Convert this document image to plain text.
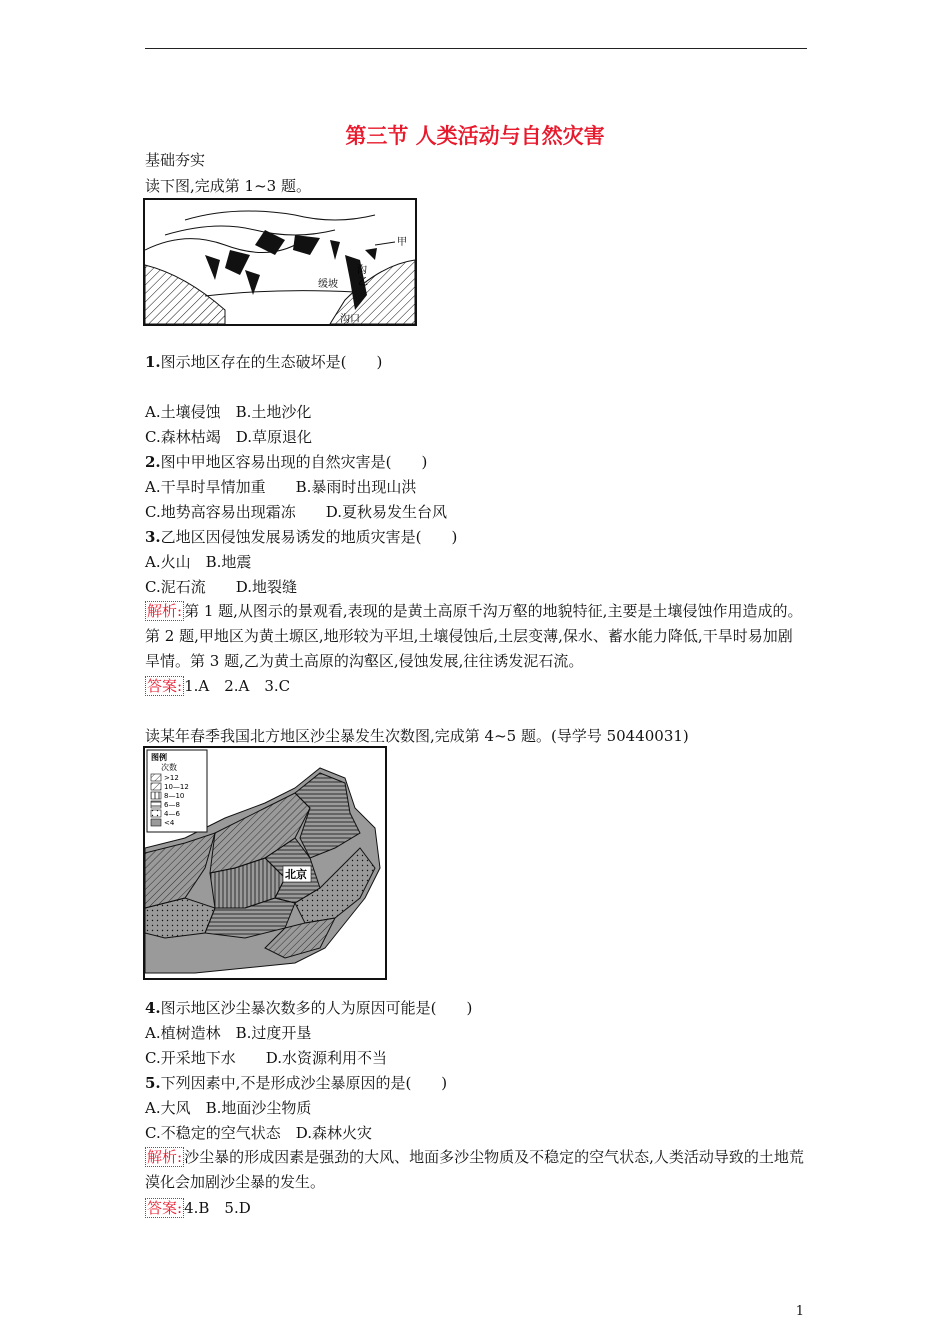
第三节 人类活动与自然灾害
基础夯实
读下图,完成第 1~3 题。
甲
沟
乙
缓坡
沟口
1.图示地区存在的生态破坏是(　　)
A.土壤侵蚀　B.土地沙化
C.森林枯竭　D.草原退化
2.图中甲地区容易出现的自然灾害是(　　)
A.干旱时旱情加重　　B.暴雨时出现山洪
C.地势高容易出现霜冻　　D.夏秋易发生台风
3.乙地区因侵蚀发展易诱发的地质灾害是(　　)
A.火山　B.地震
C.泥石流　　D.地裂缝
解析: 第 1 题,从图示的景观看,表现的是黄土高原千沟万壑的地貌特征,主要是土壤侵蚀作用造成的。第 2 题,甲地区为黄土塬区,地形较为平坦,土壤侵蚀后,土层变薄,保水、蓄水能力降低,干旱时易加剧旱情。第 3 题,乙为黄土高原的沟壑区,侵蚀发展,往往诱发泥石流。
答案: 1.A　2.A　3.C
读某年春季我国北方地区沙尘暴发生次数图,完成第 4~5 题。(导学号 50440031)
图例
次数
>12
10—12
8—10
6—8
4—6
<4
北京
4.图示地区沙尘暴次数多的人为原因可能是(　　)
A.植树造林　B.过度开垦
C.开采地下水　　D.水资源利用不当
5.下列因素中,不是形成沙尘暴原因的是(　　)
A.大风　B.地面沙尘物质
C.不稳定的空气状态　D.森林火灾
解析: 沙尘暴的形成因素是强劲的大风、地面多沙尘物质及不稳定的空气状态,人类活动导致的土地荒漠化会加剧沙尘暴的发生。
答案: 4.B　5.D
1
